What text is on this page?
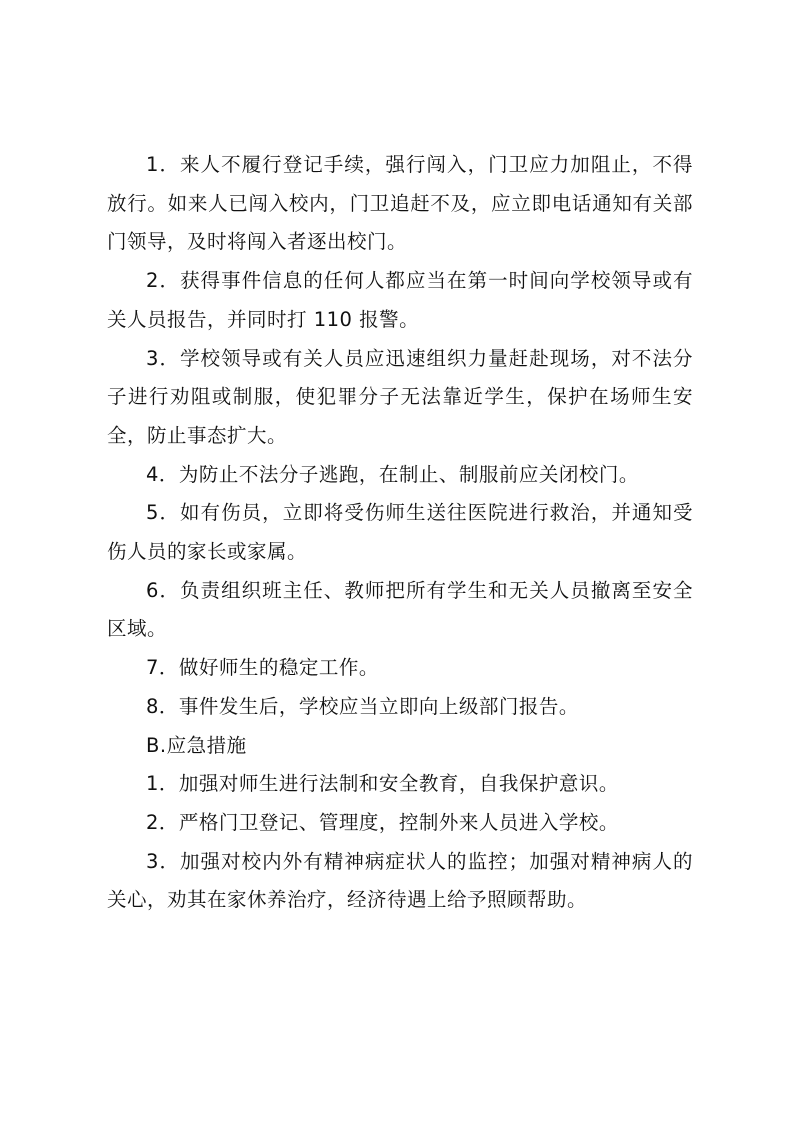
1．来人不履行登记手续，强行闯入，门卫应力加阻止，不得放行。如来人已闯入校内，门卫追赶不及，应立即电话通知有关部门领导，及时将闯入者逐出校门。

2．获得事件信息的任何人都应当在第一时间向学校领导或有关人员报告，并同时打 110 报警。

3．学校领导或有关人员应迅速组织力量赶赴现场，对不法分子进行劝阻或制服，使犯罪分子无法靠近学生，保护在场师生安全，防止事态扩大。

4．为防止不法分子逃跑，在制止、制服前应关闭校门。

5．如有伤员，立即将受伤师生送往医院进行救治，并通知受伤人员的家长或家属。

6．负责组织班主任、教师把所有学生和无关人员撤离至安全区域。

7．做好师生的稳定工作。

8．事件发生后，学校应当立即向上级部门报告。

B.应急措施

1．加强对师生进行法制和安全教育，自我保护意识。

2．严格门卫登记、管理度，控制外来人员进入学校。

3．加强对校内外有精神病症状人的监控；加强对精神病人的关心，劝其在家休养治疗，经济待遇上给予照顾帮助。
